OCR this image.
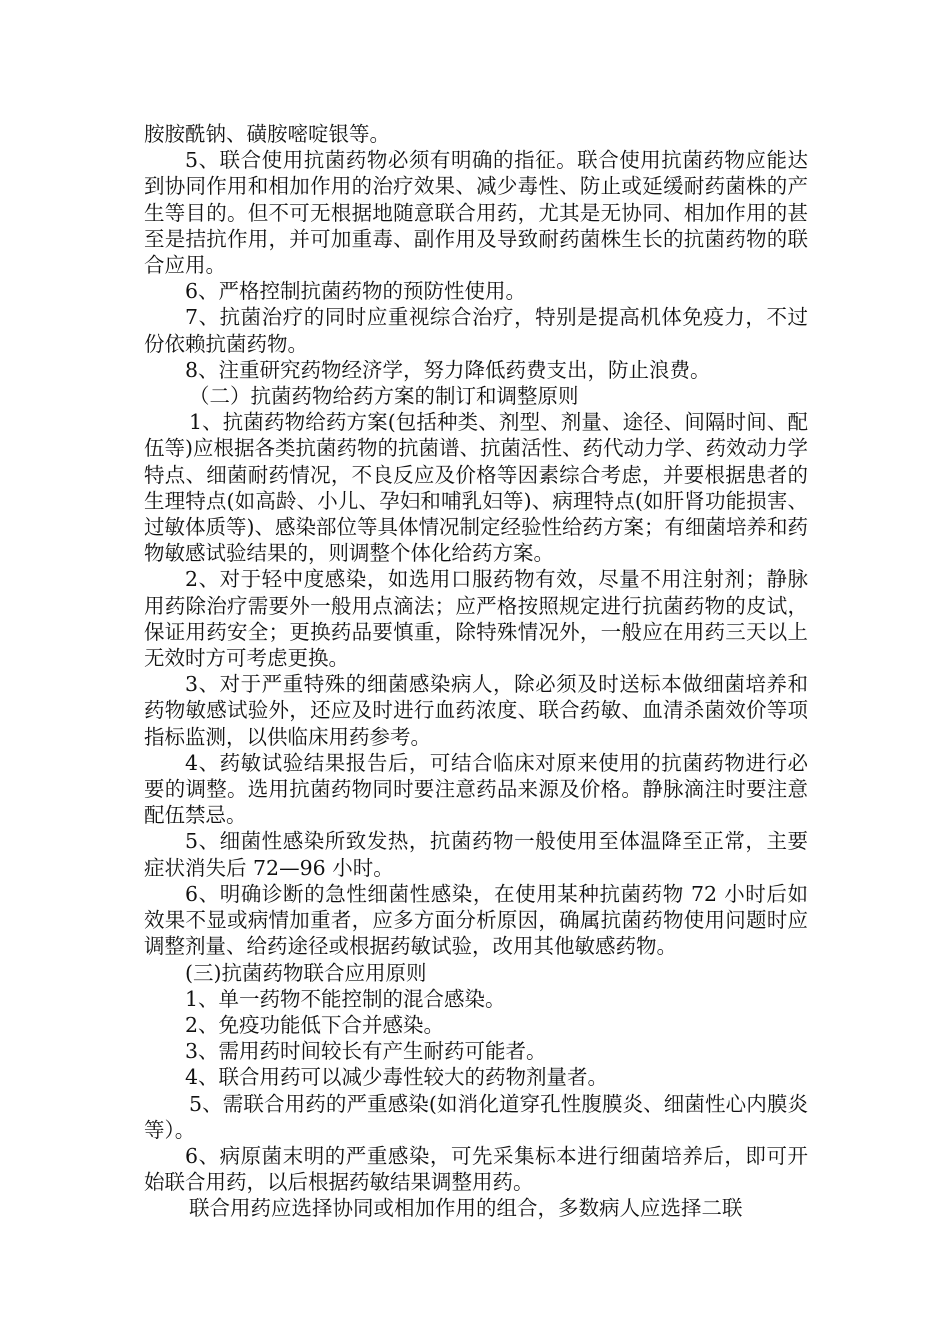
胺胺酰钠、磺胺嘧啶银等。

5、联合使用抗菌药物必须有明确的指征。联合使用抗菌药物应能达到协同作用和相加作用的治疗效果、减少毒性、防止或延缓耐药菌株的产生等目的。但不可无根据地随意联合用药，尤其是无协同、相加作用的甚至是拮抗作用，并可加重毒、副作用及导致耐药菌株生长的抗菌药物的联合应用。

6、严格控制抗菌药物的预防性使用。

7、抗菌治疗的同时应重视综合治疗，特别是提高机体免疫力，不过份依赖抗菌药物。

8、注重研究药物经济学，努力降低药费支出，防止浪费。

（二）抗菌药物给药方案的制订和调整原则

1、抗菌药物给药方案(包括种类、剂型、剂量、途径、间隔时间、配伍等)应根据各类抗菌药物的抗菌谱、抗菌活性、药代动力学、药效动力学特点、细菌耐药情况，不良反应及价格等因素综合考虑，并要根据患者的生理特点(如高龄、小儿、孕妇和哺乳妇等)、病理特点(如肝肾功能损害、过敏体质等)、感染部位等具体情况制定经验性给药方案；有细菌培养和药物敏感试验结果的，则调整个体化给药方案。

2、对于轻中度感染，如选用口服药物有效，尽量不用注射剂；静脉用药除治疗需要外一般用点滴法；应严格按照规定进行抗菌药物的皮试，保证用药安全；更换药品要慎重，除特殊情况外，一般应在用药三天以上无效时方可考虑更换。

3、对于严重特殊的细菌感染病人，除必须及时送标本做细菌培养和药物敏感试验外，还应及时进行血药浓度、联合药敏、血清杀菌效价等项指标监测，以供临床用药参考。

4、药敏试验结果报告后，可结合临床对原来使用的抗菌药物进行必要的调整。选用抗菌药物同时要注意药品来源及价格。静脉滴注时要注意配伍禁忌。

5、细菌性感染所致发热，抗菌药物一般使用至体温降至正常，主要症状消失后 72—96 小时。

6、明确诊断的急性细菌性感染，在使用某种抗菌药物 72 小时后如效果不显或病情加重者，应多方面分析原因，确属抗菌药物使用问题时应调整剂量、给药途径或根据药敏试验，改用其他敏感药物。

(三)抗菌药物联合应用原则

1、单一药物不能控制的混合感染。

2、免疫功能低下合并感染。

3、需用药时间较长有产生耐药可能者。

4、联合用药可以减少毒性较大的药物剂量者。

5、需联合用药的严重感染(如消化道穿孔性腹膜炎、细菌性心内膜炎等）。

6、病原菌末明的严重感染，可先采集标本进行细菌培养后，即可开始联合用药，以后根据药敏结果调整用药。

联合用药应选择协同或相加作用的组合，多数病人应选择二联
